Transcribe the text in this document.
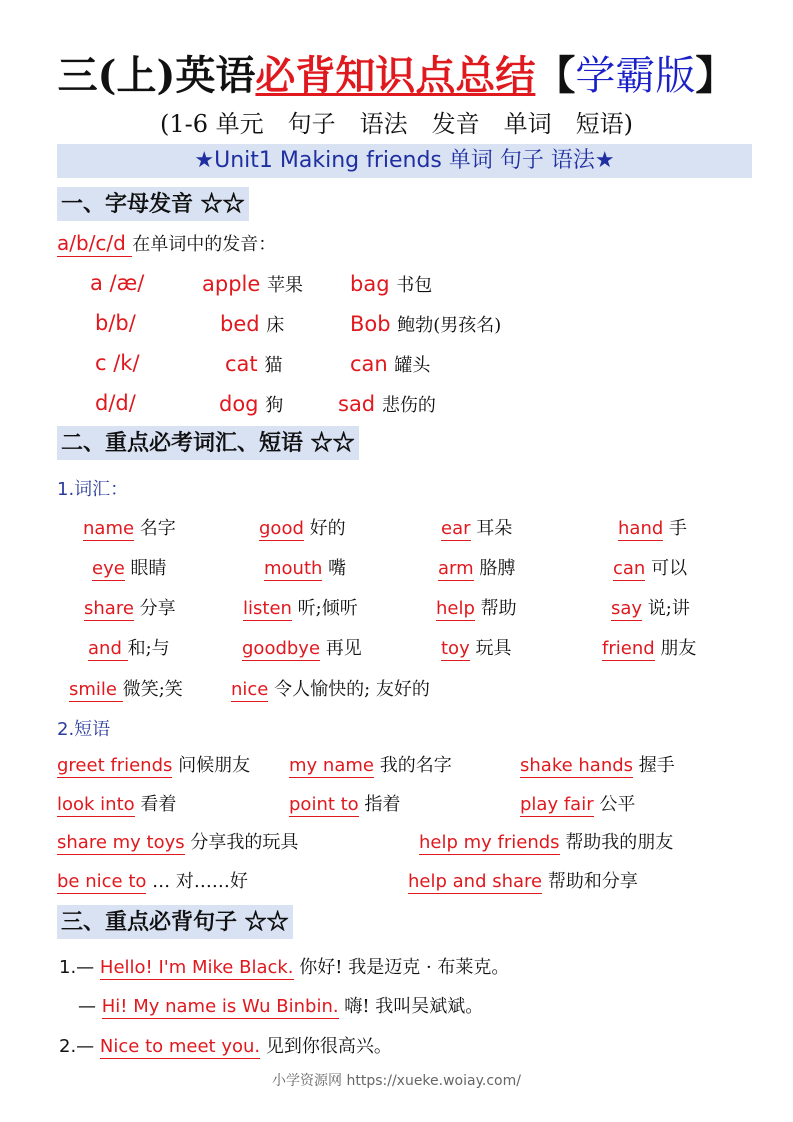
三(上)英语必背知识点总结【学霸版】
(1-6 单元　句子　语法　发音　单词　短语)
★Unit1 Making friends 单词 句子 语法★
一、字母发音 ☆☆
a/b/c/d 在单词中的发音：
a /æ/	apple 苹果 bag 书包
b/b/	bed 床	Bob 鲍勃(男孩名)
c /k/	cat 猫	can 罐头
d/d/	dog 狗	sad 悲伤的
二、重点必考词汇、短语 ☆☆
1.词汇：
name 名字	good 好的	ear 耳朵	hand 手
eye 眼睛	mouth 嘴	arm 胳膊	can 可以
share 分享	listen 听;倾听	help 帮助	say 说;讲
and 和;与	goodbye 再见	toy 玩具	friend 朋友
smile 微笑;笑	nice 令人愉快的; 友好的
2.短语
greet friends 问候朋友 my name 我的名字	shake hands 握手
look into 看着	point to 指着	play fair 公平
share my toys 分享我的玩具	help my friends 帮助我的朋友
be nice to … 对……好	help and share 帮助和分享
三、重点必背句子 ☆☆
1.— Hello! I'm Mike Black. 你好! 我是迈克 · 布莱克。
— Hi! My name is Wu Binbin. 嗨! 我叫吴斌斌。
2.— Nice to meet you. 见到你很高兴。
小学资源网 https://xueke.woiay.com/
